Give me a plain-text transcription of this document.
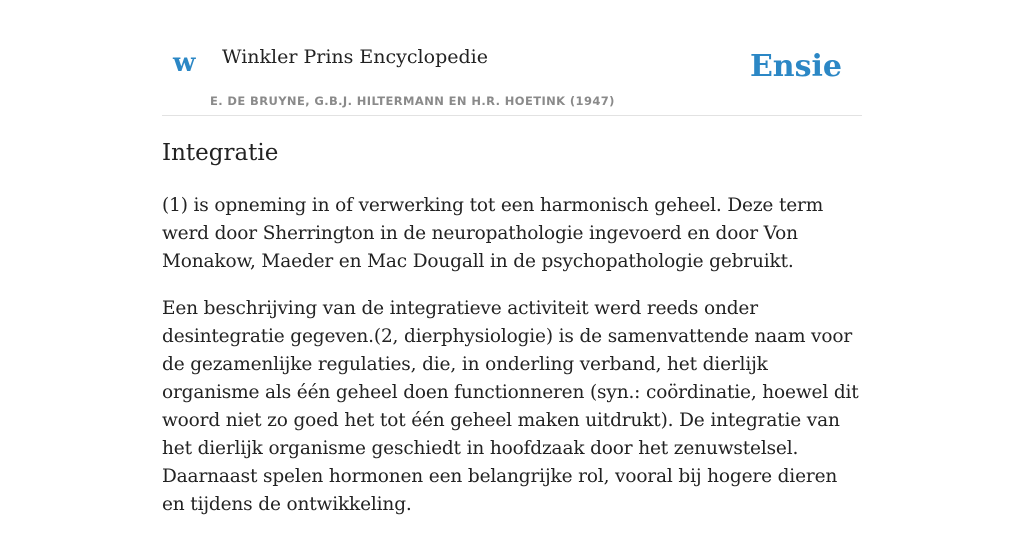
w Winkler Prins Encyclopedie
E. DE BRUYNE, G.B.J. HILTERMANN EN H.R. HOETINK (1947)
Ensie
Integratie

(1) is opneming in of verwerking tot een harmonisch geheel. Deze term werd door Sherrington in de neuropathologie ingevoerd en door Von Monakow, Maeder en Mac Dougall in de psychopathologie gebruikt.

Een beschrijving van de integratieve activiteit werd reeds onder desintegratie gegeven.(2, dierphysiologie) is de samenvattende naam voor de gezamenlijke regulaties, die, in onderling verband, het dierlijk organisme als één geheel doen functionneren (syn.: coördinatie, hoewel dit woord niet zo goed het tot één geheel maken uitdrukt). De integratie van het dierlijk organisme geschiedt in hoofdzaak door het zenuwstelsel. Daarnaast spelen hormonen een belangrijke rol, vooral bij hogere dieren en tijdens de ontwikkeling.
